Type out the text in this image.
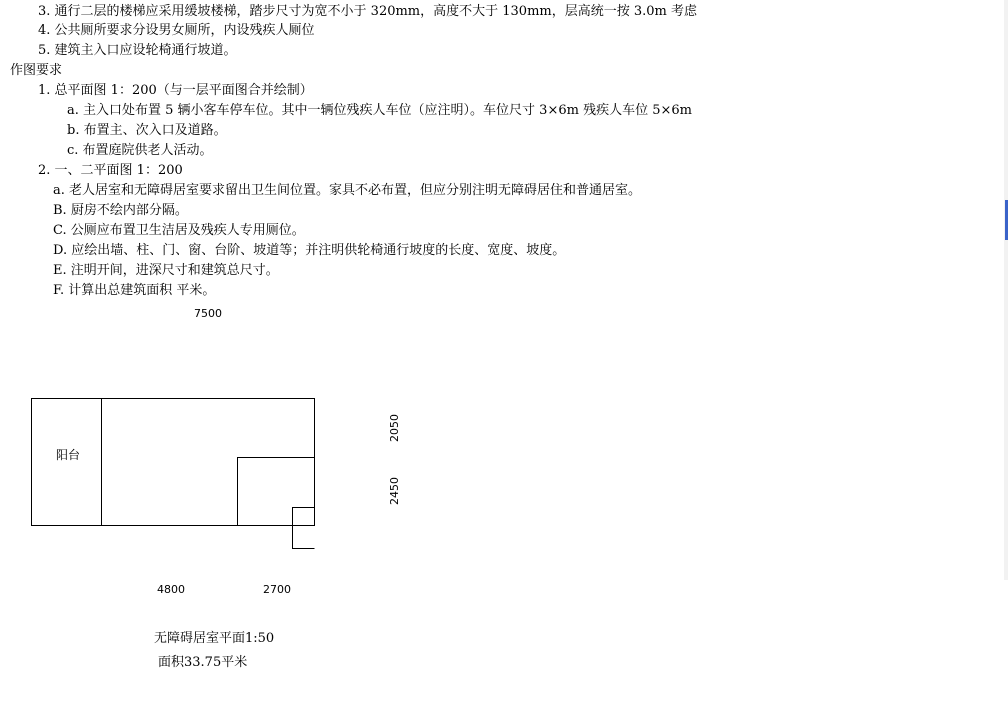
3. 通行二层的楼梯应采用缓坡楼梯，踏步尺寸为宽不小于 320mm，高度不大于 130mm，层高统一按 3.0m 考虑
4. 公共厕所要求分设男女厕所，内设残疾人厕位
5. 建筑主入口应设轮椅通行坡道。
作图要求
1. 总平面图 1：200（与一层平面图合并绘制）
a. 主入口处布置 5 辆小客车停车位。其中一辆位残疾人车位（应注明）。车位尺寸 3×6m 残疾人车位 5×6m
b. 布置主、次入口及道路。
c. 布置庭院供老人活动。
2. 一、二平面图 1：200
a. 老人居室和无障碍居室要求留出卫生间位置。家具不必布置，但应分别注明无障碍居住和普通居室。
B. 厨房不绘内部分隔。
C. 公厕应布置卫生洁居及残疾人专用厕位。
D. 应绘出墙、柱、门、窗、台阶、坡道等；并注明供轮椅通行坡度的长度、宽度、坡度。
E. 注明开间，进深尺寸和建筑总尺寸。
F. 计算出总建筑面积 平米。
7500
2050
2450
4800	2700
阳台
无障碍居室平面1:50
面积33.75平米
